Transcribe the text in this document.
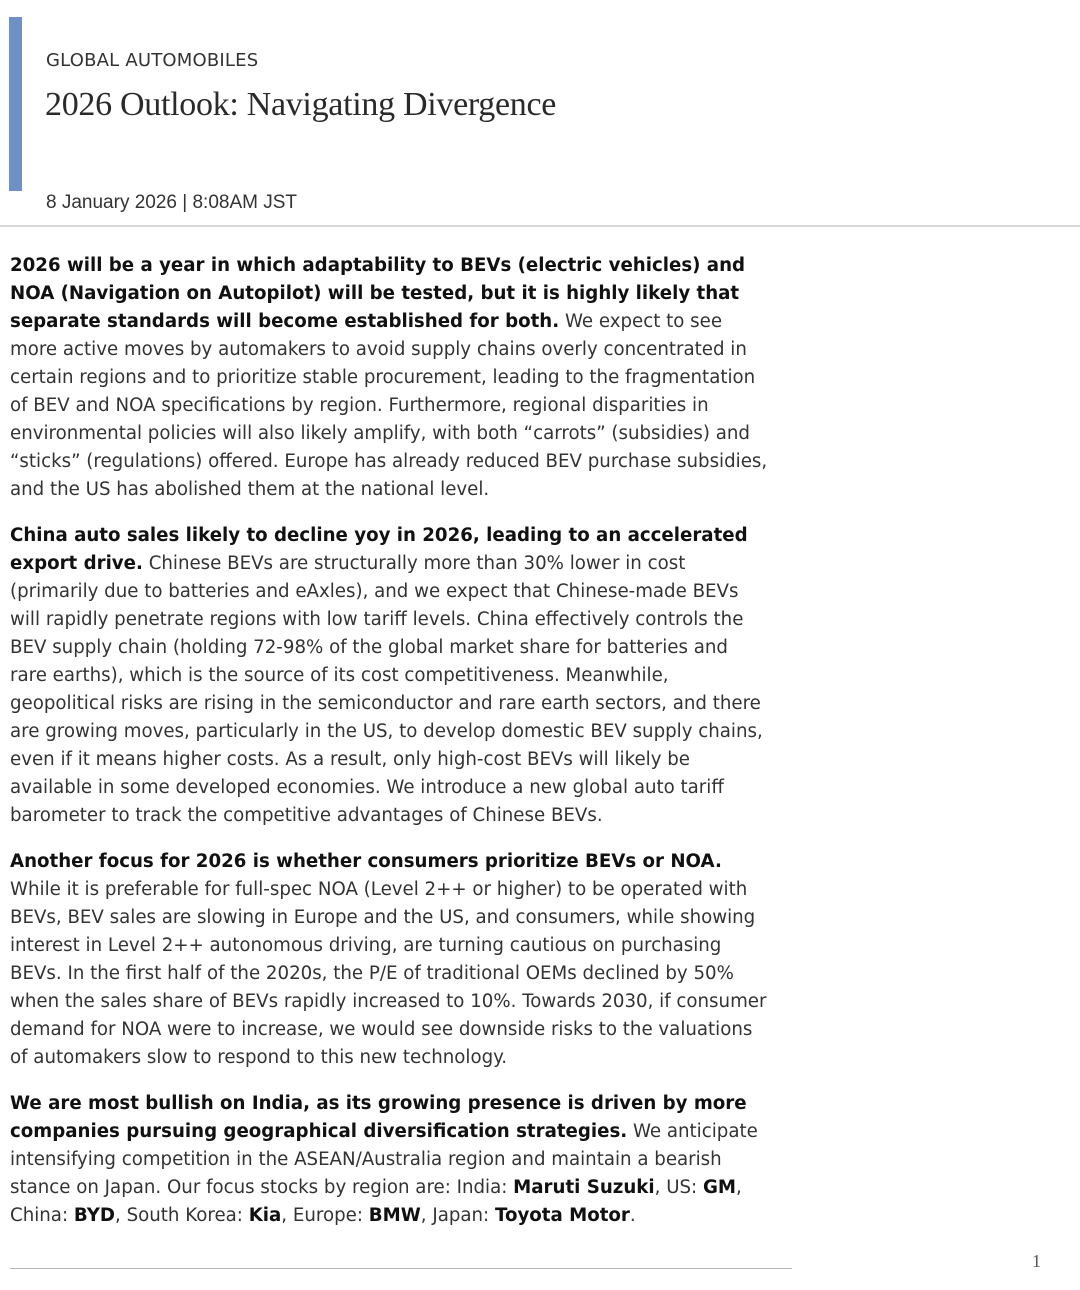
GLOBAL AUTOMOBILES
2026 Outlook: Navigating Divergence
8 January 2026 | 8:08AM JST

2026 will be a year in which adaptability to BEVs (electric vehicles) and NOA (Navigation on Autopilot) will be tested, but it is highly likely that separate standards will become established for both. We expect to see more active moves by automakers to avoid supply chains overly concentrated in certain regions and to prioritize stable procurement, leading to the fragmentation of BEV and NOA specifications by region. Furthermore, regional disparities in environmental policies will also likely amplify, with both “carrots” (subsidies) and “sticks” (regulations) offered. Europe has already reduced BEV purchase subsidies, and the US has abolished them at the national level.

China auto sales likely to decline yoy in 2026, leading to an accelerated export drive. Chinese BEVs are structurally more than 30% lower in cost (primarily due to batteries and eAxles), and we expect that Chinese-made BEVs will rapidly penetrate regions with low tariff levels. China effectively controls the BEV supply chain (holding 72-98% of the global market share for batteries and rare earths), which is the source of its cost competitiveness. Meanwhile, geopolitical risks are rising in the semiconductor and rare earth sectors, and there are growing moves, particularly in the US, to develop domestic BEV supply chains, even if it means higher costs. As a result, only high-cost BEVs will likely be available in some developed economies. We introduce a new global auto tariff barometer to track the competitive advantages of Chinese BEVs.

Another focus for 2026 is whether consumers prioritize BEVs or NOA. While it is preferable for full-spec NOA (Level 2++ or higher) to be operated with BEVs, BEV sales are slowing in Europe and the US, and consumers, while showing interest in Level 2++ autonomous driving, are turning cautious on purchasing BEVs. In the first half of the 2020s, the P/E of traditional OEMs declined by 50% when the sales share of BEVs rapidly increased to 10%. Towards 2030, if consumer demand for NOA were to increase, we would see downside risks to the valuations of automakers slow to respond to this new technology.

We are most bullish on India, as its growing presence is driven by more companies pursuing geographical diversification strategies. We anticipate intensifying competition in the ASEAN/Australia region and maintain a bearish stance on Japan. Our focus stocks by region are: India: Maruti Suzuki, US: GM, China: BYD, South Korea: Kia, Europe: BMW, Japan: Toyota Motor.

1
